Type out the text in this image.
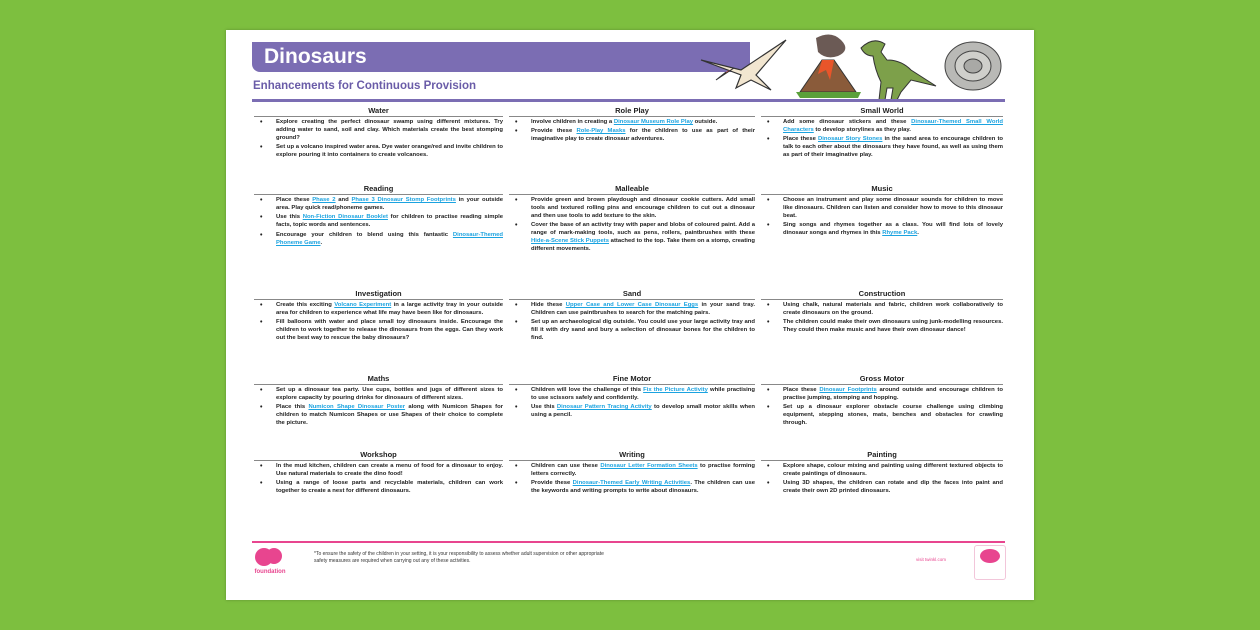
Dinosaurs
Enhancements for Continuous Provision
Water
• Explore creating the perfect dinosaur swamp using different mixtures. Try adding water to sand, soil and clay. Which materials create the best stomping ground?
• Set up a volcano inspired water area. Dye water orange/red and invite children to explore pouring it into containers to create volcanoes.
Role Play
• Involve children in creating a Dinosaur Museum Role Play outside.
• Provide these Role-Play Masks for the children to use as part of their imaginative play to create dinosaur adventures.
Small World
• Add some dinosaur stickers and these Dinosaur-Themed Small World Characters to develop storylines as they play.
• Place these Dinosaur Story Stones in the sand area to encourage children to talk to each other about the dinosaurs they have found, as well as using them as part of their imaginative play.
Reading
• Place these Phase 2 and Phase 3 Dinosaur Stomp Footprints in your outside area. Play quick read/phoneme games.
• Use this Non-Fiction Dinosaur Booklet for children to practise reading simple facts, topic words and sentences.
• Encourage your children to blend using this fantastic Dinosaur-Themed Phoneme Game.
Malleable
• Provide green and brown playdough and dinosaur cookie cutters. Add small tools and textured rolling pins and encourage children to cut out a dinosaur and then use tools to add texture to the skin.
• Cover the base of an activity tray with paper and blobs of coloured paint. Add a range of mark-making tools, such as pens, rollers, paintbrushes with these Hide-a-Scene Stick Puppets attached to the top. Take them on a stomp, creating different movements.
Music
• Choose an instrument and play some dinosaur sounds for children to move like dinosaurs. Children can listen and consider how to move to this dinosaur beat.
• Sing songs and rhymes together as a class. You will find lots of lovely dinosaur songs and rhymes in this Rhyme Pack.
Investigation
• Create this exciting Volcano Experiment in a large activity tray in your outside area for children to experience what life may have been like for dinosaurs.
• Fill balloons with water and place small toy dinosaurs inside. Encourage the children to work together to release the dinosaurs from the eggs. Can they work out the best way to rescue the baby dinosaurs?
Sand
• Hide these Upper Case and Lower Case Dinosaur Eggs in your sand tray. Children can use paintbrushes to search for the matching pairs.
• Set up an archaeological dig outside. You could use your large activity tray and fill it with dry sand and bury a selection of dinosaur bones for the children to find.
Construction
• Using chalk, natural materials and fabric, children work collaboratively to create dinosaurs on the ground.
• The children could make their own dinosaurs using junk-modelling resources. They could then make music and have their own dinosaur dance!
Maths
• Set up a dinosaur tea party. Use cups, bottles and jugs of different sizes to explore capacity by pouring drinks for dinosaurs of different sizes.
• Place this Numicon Shape Dinosaur Poster along with Numicon Shapes for children to match Numicon Shapes or use Shapes of their choice to complete the picture.
Fine Motor
• Children will love the challenge of this Fix the Picture Activity while practising to use scissors safely and confidently.
• Use this Dinosaur Pattern Tracing Activity to develop small motor skills when using a pencil.
Gross Motor
• Place these Dinosaur Footprints around outside and encourage children to practise jumping, stomping and hopping.
• Set up a dinosaur explorer obstacle course challenge using climbing equipment, stepping stones, mats, benches and obstacles for crawling through.
Workshop
• In the mud kitchen, children can create a menu of food for a dinosaur to enjoy. Use natural materials to create the dino food!
• Using a range of loose parts and recyclable materials, children can work together to create a nest for different dinosaurs.
Writing
• Children can use these Dinosaur Letter Formation Sheets to practise forming letters correctly.
• Provide these Dinosaur-Themed Early Writing Activities. The children can use the keywords and writing prompts to write about dinosaurs.
Painting
• Explore shape, colour mixing and painting using different textured objects to create paintings of dinosaurs.
• Using 3D shapes, the children can rotate and dip the faces into paint and create their own 2D printed dinosaurs.
foundation
*To ensure the safety of the children in your setting, it is your responsibility to assess whether adult supervision or other appropriate safety measures are required when carrying out any of these activities.	visit twinkl.com
